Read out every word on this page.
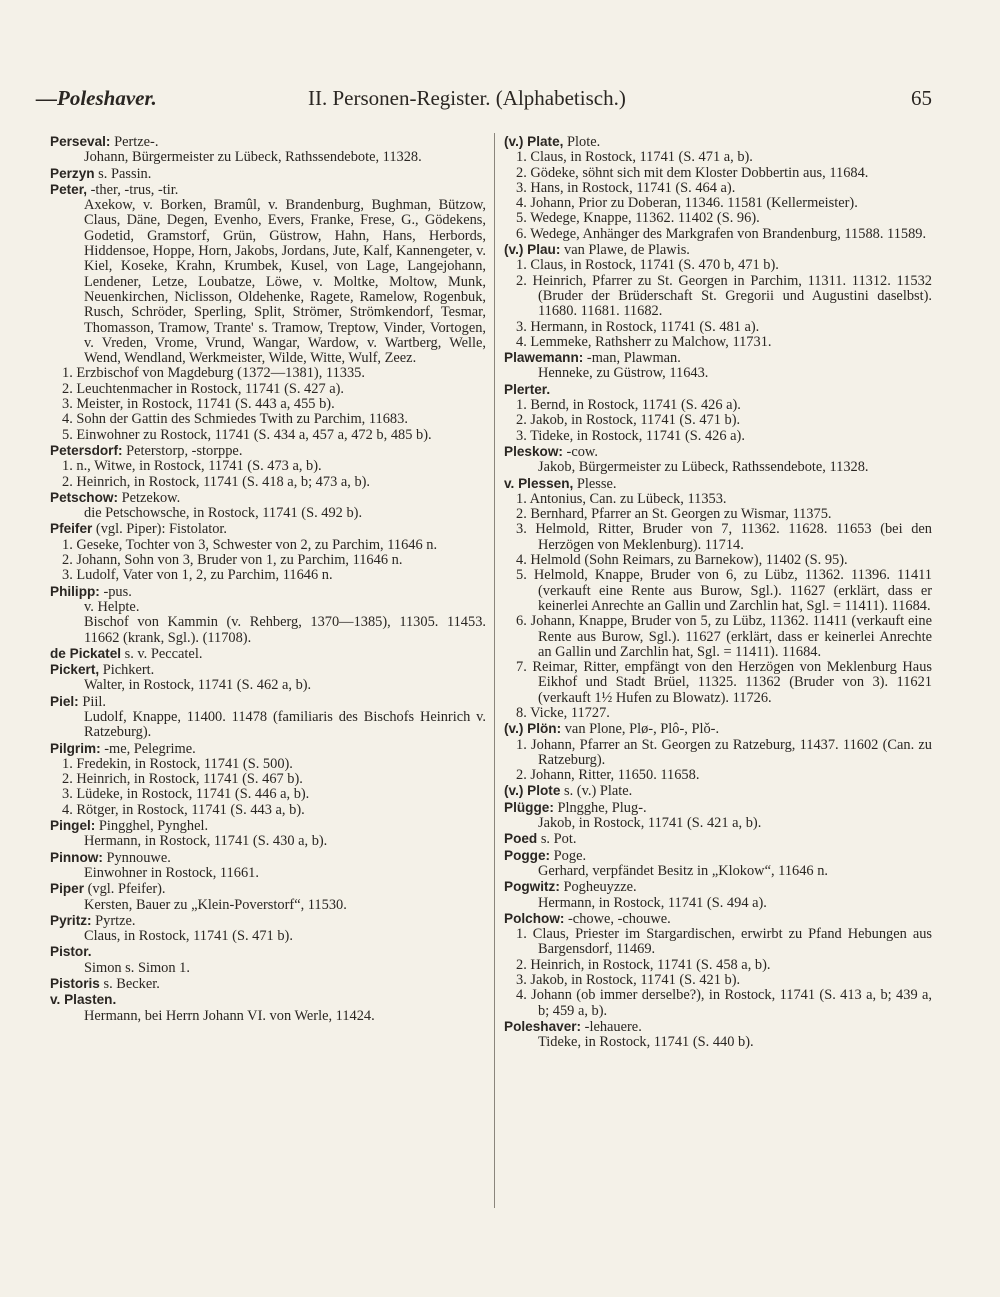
—Poleshaver.	II. Personen-Register. (Alphabetisch.)	65

Perseval: Pertze-.

Johann, Bürgermeister zu Lübeck, Rathssendebote, 11328.

Perzyn s. Passin.

Peter, -ther, -trus, -tir.

Axekow, v. Borken, Bramûl, v. Brandenburg, Bughman, Bützow, Claus, Däne, Degen, Evenho, Evers, Franke, Frese, G., Gödekens, Godetid, Gramstorf, Grün, Güstrow, Hahn, Hans, Herbords, Hiddensoe, Hoppe, Horn, Jakobs, Jordans, Jute, Kalf, Kannengeter, v. Kiel, Koseke, Krahn, Krumbek, Kusel, von Lage, Langejohann, Lendener, Letze, Loubatze, Löwe, v. Moltke, Moltow, Munk, Neuenkirchen, Niclisson, Oldehenke, Ragete, Ramelow, Rogenbuk, Rusch, Schröder, Sperling, Split, Strömer, Strömkendorf, Tesmar, Thomasson, Tramow, Trante' s. Tramow, Treptow, Vinder, Vortogen, v. Vreden, Vrome, Vrund, Wangar, Wardow, v. Wartberg, Welle, Wend, Wendland, Werkmeister, Wilde, Witte, Wulf, Zeez.

1. Erzbischof von Magdeburg (1372—1381), 11335.

2. Leuchtenmacher in Rostock, 11741 (S. 427 a).

3. Meister, in Rostock, 11741 (S. 443 a, 455 b).

4. Sohn der Gattin des Schmiedes Twith zu Parchim, 11683.

5. Einwohner zu Rostock, 11741 (S. 434 a, 457 a, 472 b, 485 b).

Petersdorf: Peterstorp, -storppe.

1. n., Witwe, in Rostock, 11741 (S. 473 a, b).

2. Heinrich, in Rostock, 11741 (S. 418 a, b; 473 a, b).

Petschow: Petzekow.

die Petschowsche, in Rostock, 11741 (S. 492 b).

Pfeifer (vgl. Piper): Fistolator.

1. Geseke, Tochter von 3, Schwester von 2, zu Parchim, 11646 n.

2. Johann, Sohn von 3, Bruder von 1, zu Parchim, 11646 n.

3. Ludolf, Vater von 1, 2, zu Parchim, 11646 n.

Philipp: -pus.

v. Helpte.

Bischof von Kammin (v. Rehberg, 1370—1385), 11305. 11453. 11662 (krank, Sgl.). (11708).

de Pickatel s. v. Peccatel.

Pickert, Pichkert.

Walter, in Rostock, 11741 (S. 462 a, b).

Piel: Piil.

Ludolf, Knappe, 11400. 11478 (familiaris des Bischofs Heinrich v. Ratzeburg).

Pilgrim: -me, Pelegrime.

1. Fredekin, in Rostock, 11741 (S. 500).

2. Heinrich, in Rostock, 11741 (S. 467 b).

3. Lüdeke, in Rostock, 11741 (S. 446 a, b).

4. Rötger, in Rostock, 11741 (S. 443 a, b).

Pingel: Pingghel, Pynghel.

Hermann, in Rostock, 11741 (S. 430 a, b).

Pinnow: Pynnouwe.

Einwohner in Rostock, 11661.

Piper (vgl. Pfeifer).

Kersten, Bauer zu „Klein-Poverstorf“, 11530.

Pyritz: Pyrtze.

Claus, in Rostock, 11741 (S. 471 b).

Pistor.

Simon s. Simon 1.

Pistoris s. Becker.

v. Plasten.

Hermann, bei Herrn Johann VI. von Werle, 11424.

(v.) Plate, Plote.

1. Claus, in Rostock, 11741 (S. 471 a, b).

2. Gödeke, söhnt sich mit dem Kloster Dobbertin aus, 11684.

3. Hans, in Rostock, 11741 (S. 464 a).

4. Johann, Prior zu Doberan, 11346. 11581 (Kellermeister).

5. Wedege, Knappe, 11362. 11402 (S. 96).

6. Wedege, Anhänger des Markgrafen von Brandenburg, 11588. 11589.

(v.) Plau: van Plawe, de Plawis.

1. Claus, in Rostock, 11741 (S. 470 b, 471 b).

2. Heinrich, Pfarrer zu St. Georgen in Parchim, 11311. 11312. 11532 (Bruder der Brüderschaft St. Gregorii und Augustini daselbst). 11680. 11681. 11682.

3. Hermann, in Rostock, 11741 (S. 481 a).

4. Lemmeke, Rathsherr zu Malchow, 11731.

Plawemann: -man, Plawman.

Henneke, zu Güstrow, 11643.

Plerter.

1. Bernd, in Rostock, 11741 (S. 426 a).

2. Jakob, in Rostock, 11741 (S. 471 b).

3. Tideke, in Rostock, 11741 (S. 426 a).

Pleskow: -cow.

Jakob, Bürgermeister zu Lübeck, Rathssendebote, 11328.

v. Plessen, Plesse.

1. Antonius, Can. zu Lübeck, 11353.

2. Bernhard, Pfarrer an St. Georgen zu Wismar, 11375.

3. Helmold, Ritter, Bruder von 7, 11362. 11628. 11653 (bei den Herzögen von Meklenburg). 11714.

4. Helmold (Sohn Reimars, zu Barnekow), 11402 (S. 95).

5. Helmold, Knappe, Bruder von 6, zu Lübz, 11362. 11396. 11411 (verkauft eine Rente aus Burow, Sgl.). 11627 (erklärt, dass er keinerlei Anrechte an Gallin und Zarchlin hat, Sgl. = 11411). 11684.

6. Johann, Knappe, Bruder von 5, zu Lübz, 11362. 11411 (verkauft eine Rente aus Burow, Sgl.). 11627 (erklärt, dass er keinerlei Anrechte an Gallin und Zarchlin hat, Sgl. = 11411). 11684.

7. Reimar, Ritter, empfängt von den Herzögen von Meklenburg Haus Eikhof und Stadt Brüel, 11325. 11362 (Bruder von 3). 11621 (verkauft 1½ Hufen zu Blowatz). 11726.

8. Vicke, 11727.

(v.) Plön: van Plone, Plø-, Plô-, Plǒ-.

1. Johann, Pfarrer an St. Georgen zu Ratzeburg, 11437. 11602 (Can. zu Ratzeburg).

2. Johann, Ritter, 11650. 11658.

(v.) Plote s. (v.) Plate.

Plügge: Plngghe, Plug-.

Jakob, in Rostock, 11741 (S. 421 a, b).

Poed s. Pot.

Pogge: Poge.

Gerhard, verpfändet Besitz in „Klokow“, 11646 n.

Pogwitz: Pogheuyzze.

Hermann, in Rostock, 11741 (S. 494 a).

Polchow: -chowe, -chouwe.

1. Claus, Priester im Stargardischen, erwirbt zu Pfand Hebungen aus Bargensdorf, 11469.

2. Heinrich, in Rostock, 11741 (S. 458 a, b).

3. Jakob, in Rostock, 11741 (S. 421 b).

4. Johann (ob immer derselbe?), in Rostock, 11741 (S. 413 a, b; 439 a, b; 459 a, b).

Poleshaver: -lehauere.

Tideke, in Rostock, 11741 (S. 440 b).
